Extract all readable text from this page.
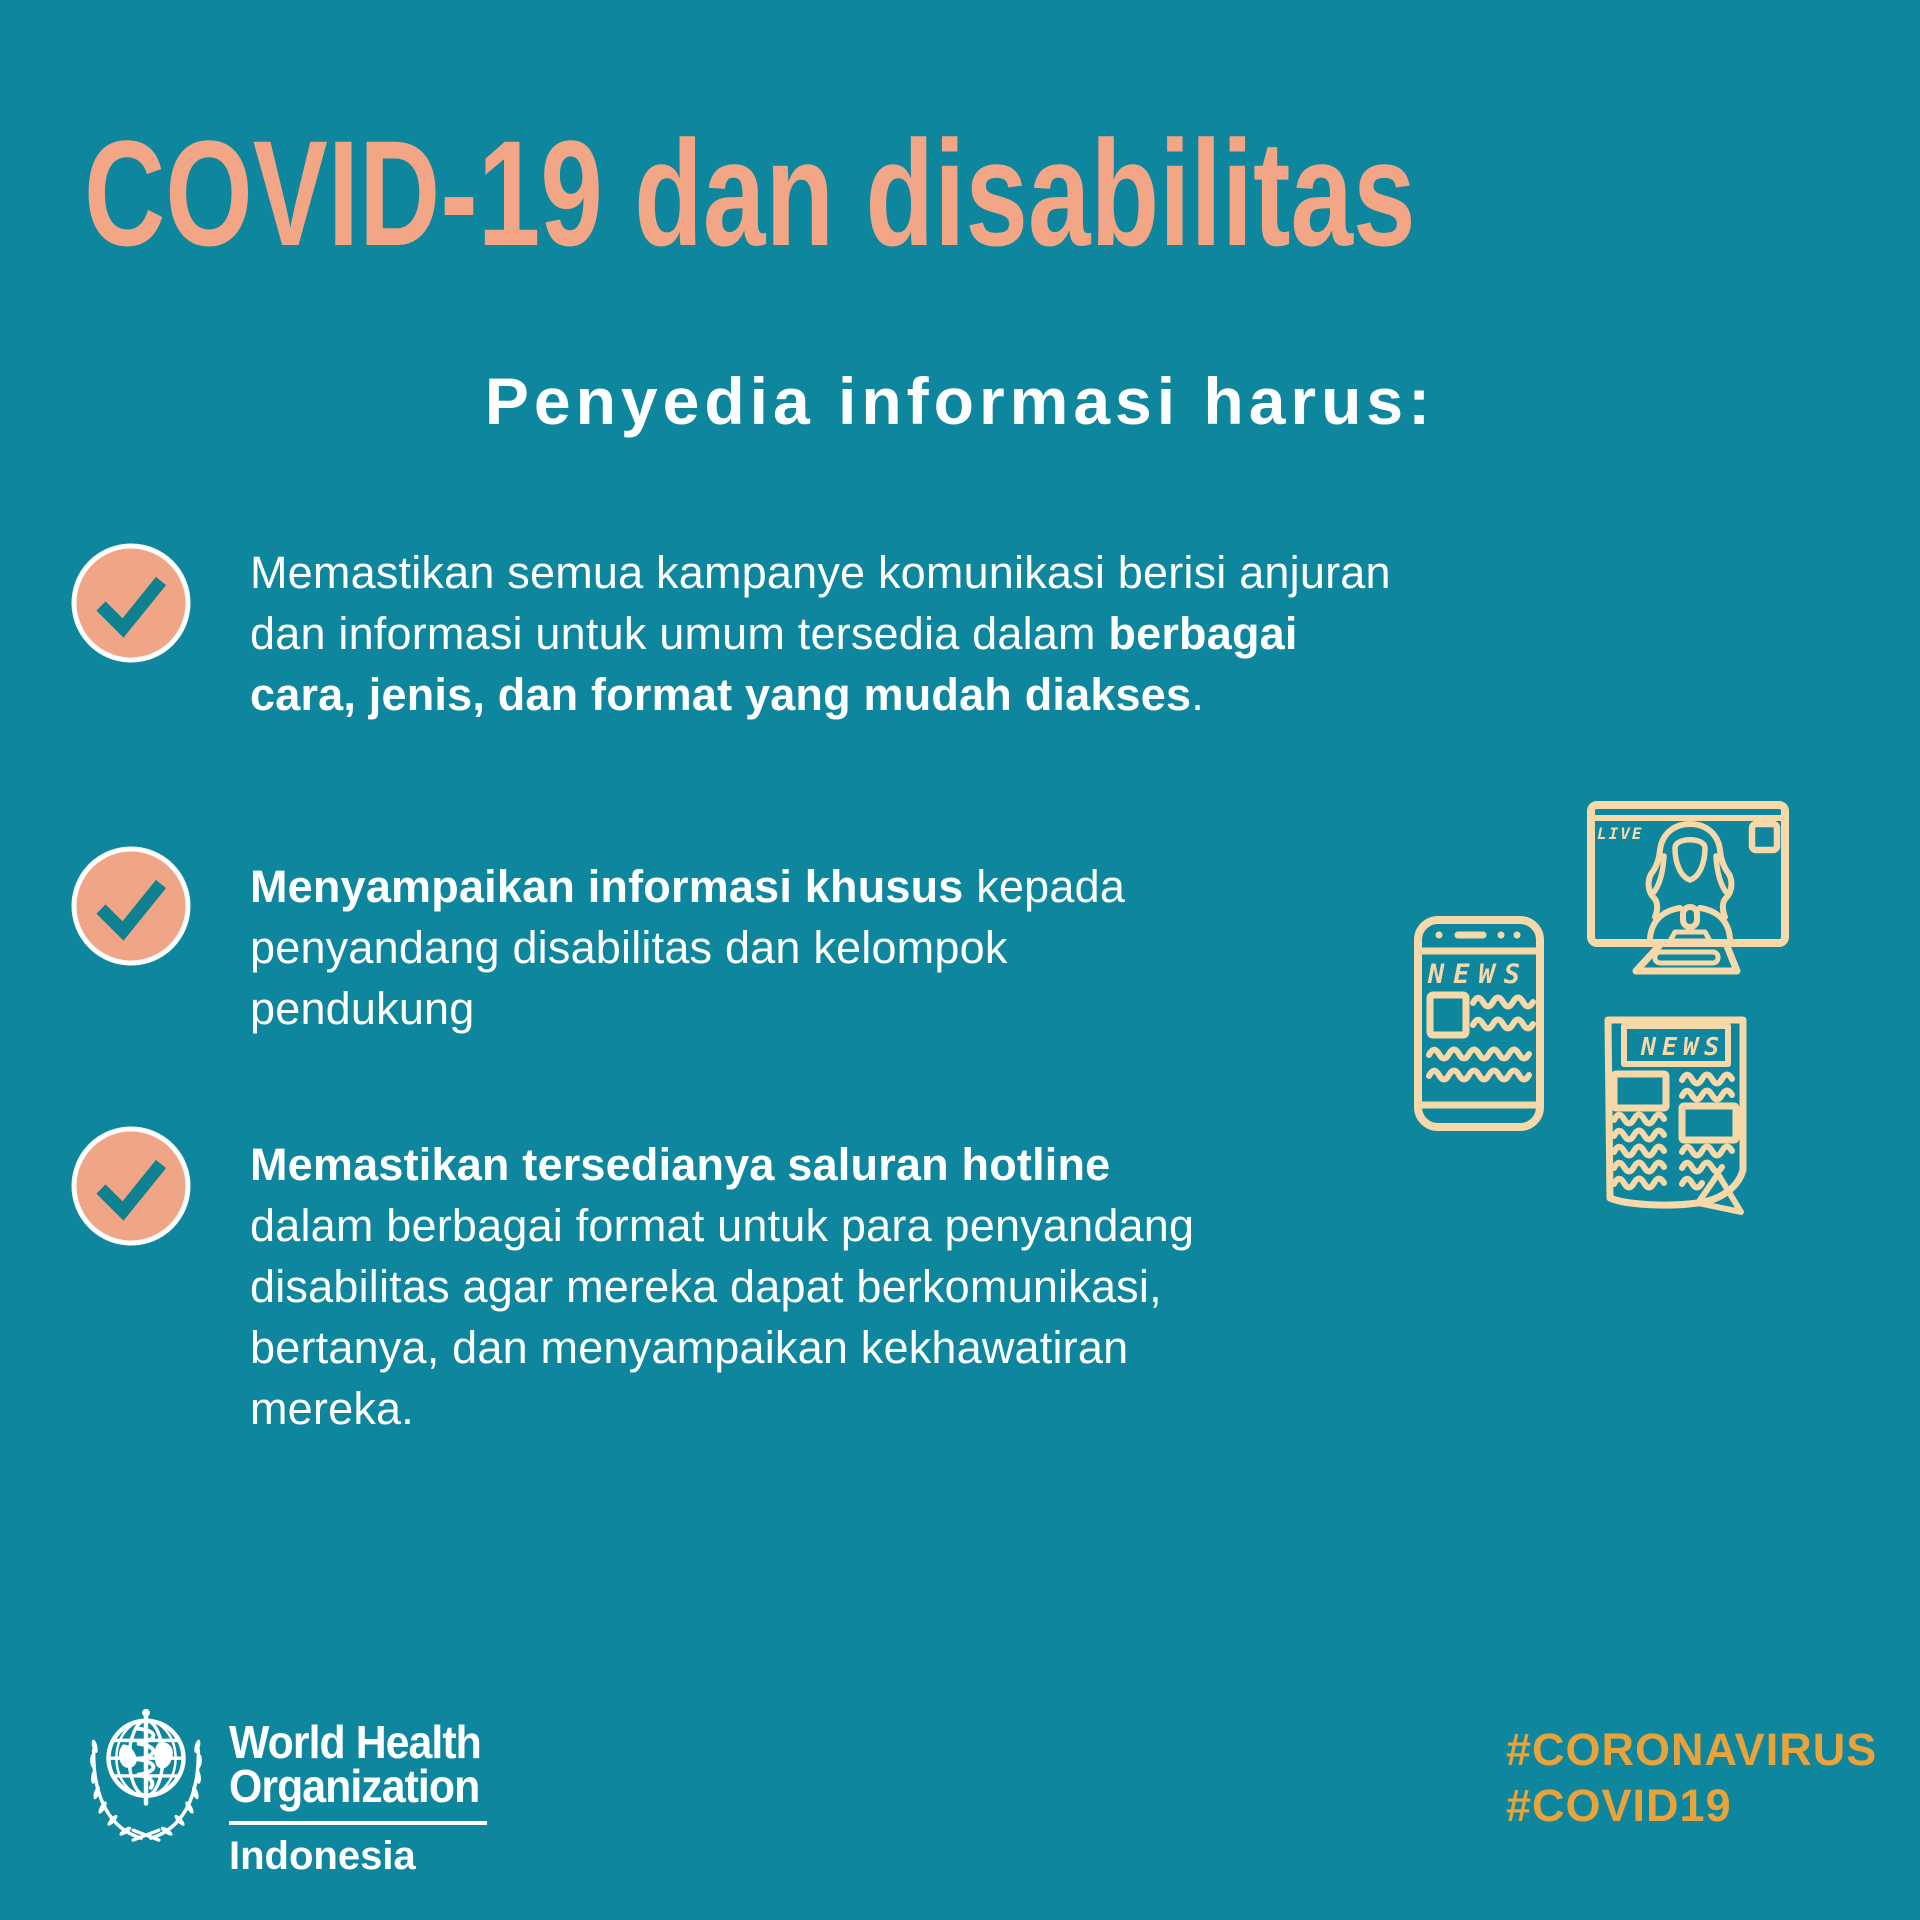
COVID-19 dan disabilitas
Penyedia informasi harus:
Memastikan semua kampanye komunikasi berisi anjuran
dan informasi untuk umum tersedia dalam berbagai
cara, jenis, dan format yang mudah diakses.
Menyampaikan informasi khusus kepada
penyandang disabilitas dan kelompok
pendukung
Memastikan tersedianya saluran hotline
dalam berbagai format untuk para penyandang
disabilitas agar mereka dapat berkomunikasi,
bertanya, dan menyampaikan kekhawatiran
mereka.
NEWS
LIVE
NEWS
World Health
Organization
Indonesia
#CORONAVIRUS
#COVID19
